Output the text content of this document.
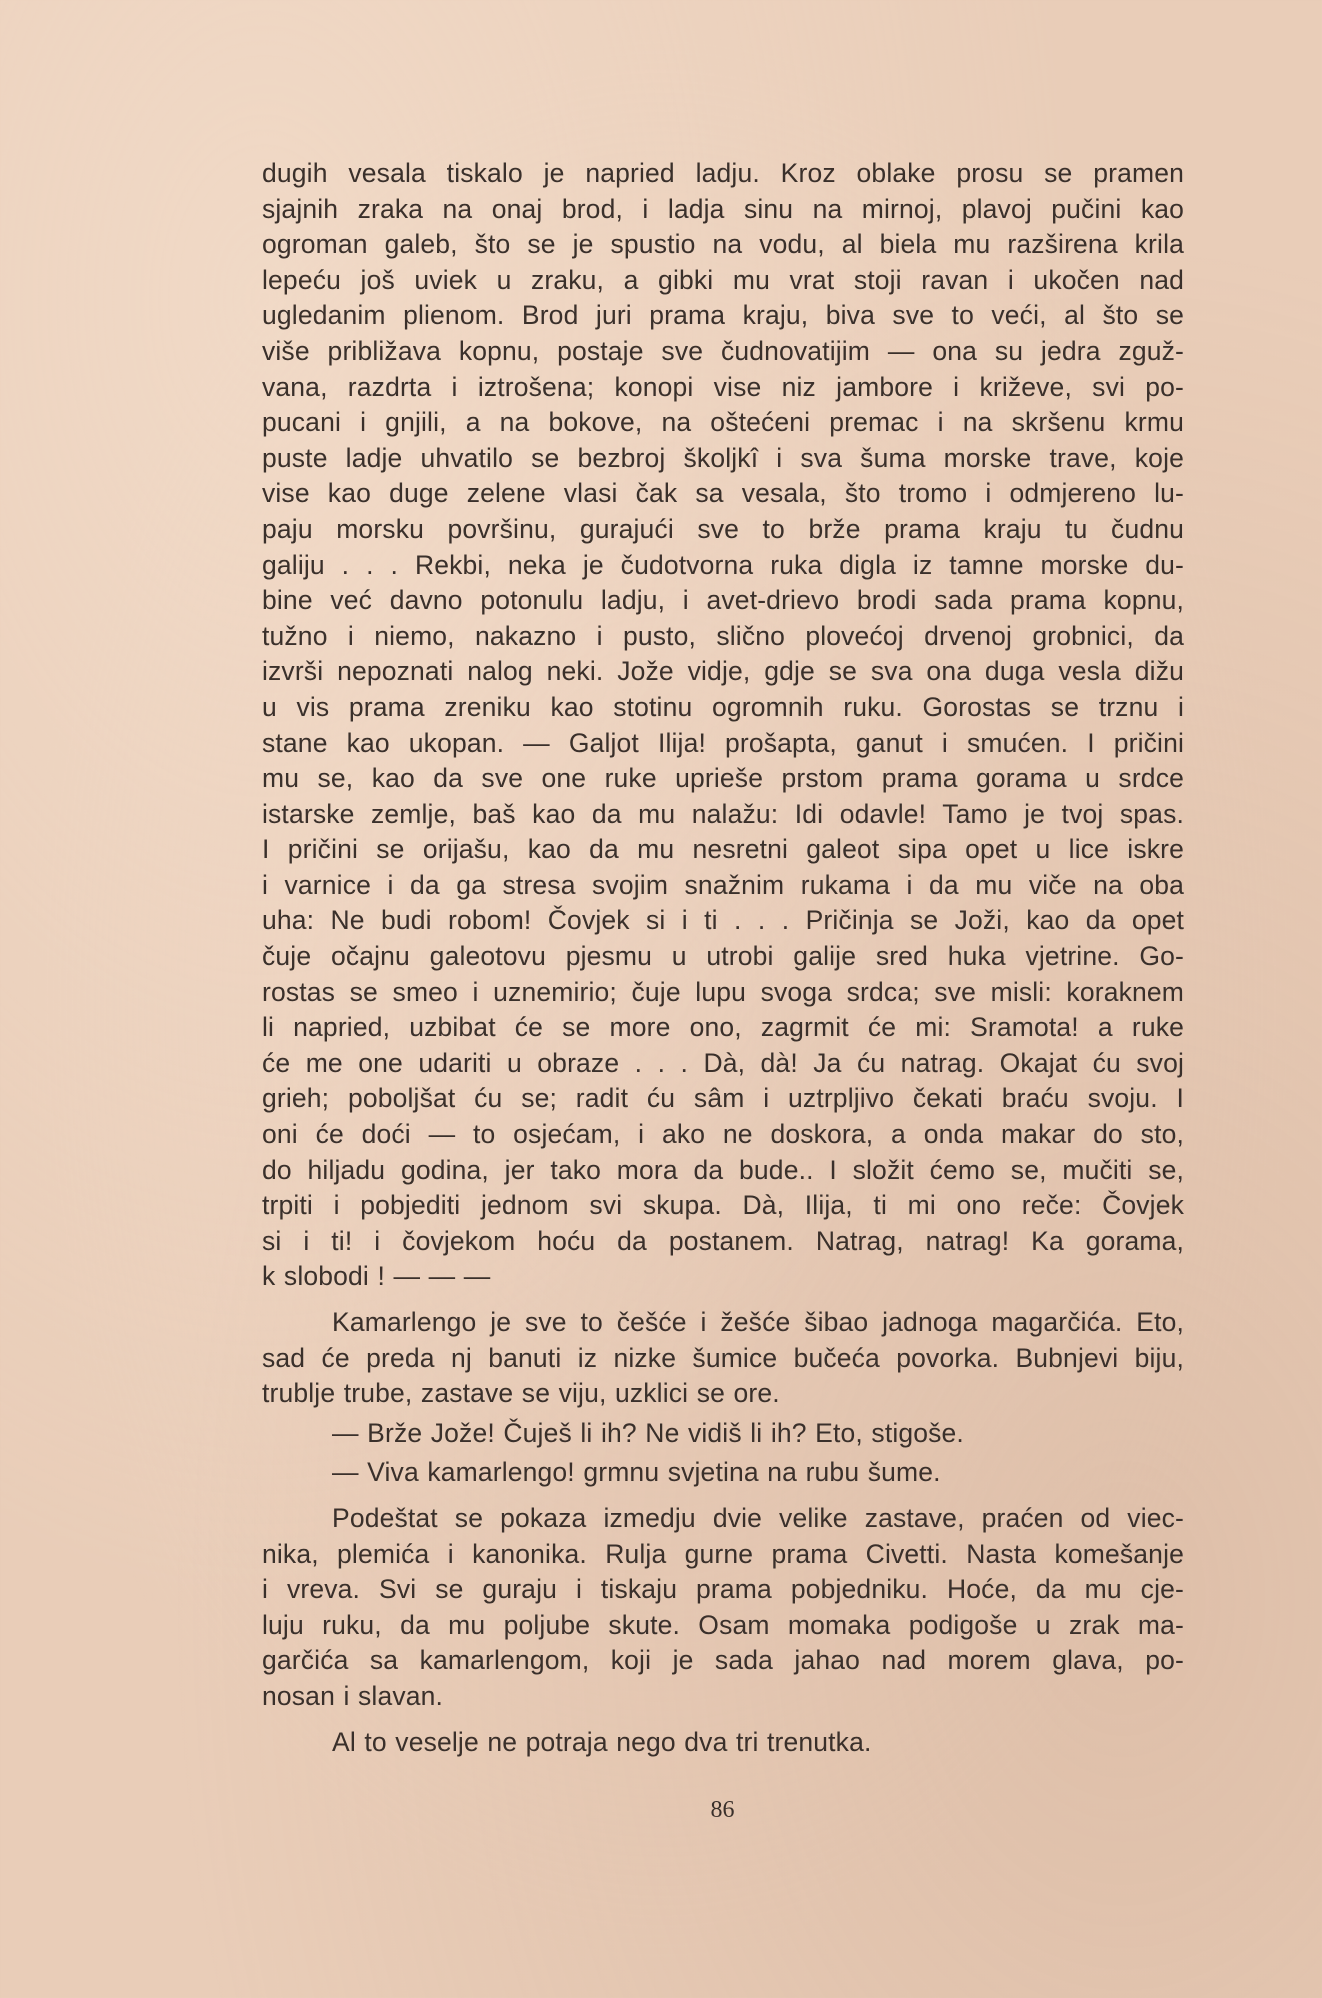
dugih vesala tiskalo je napried ladju. Kroz oblake prosu se pramen
sjajnih zraka na onaj brod, i ladja sinu na mirnoj, plavoj pučini kao
ogroman galeb, što se je spustio na vodu, al biela mu razširena krila
lepeću još uviek u zraku, a gibki mu vrat stoji ravan i ukočen nad
ugledanim plienom. Brod juri prama kraju, biva sve to veći, al što se
više približava kopnu, postaje sve čudnovatijim — ona su jedra zguž-
vana, razdrta i iztrošena; konopi vise niz jambore i križeve, svi po-
pucani i gnjili, a na bokove, na oštećeni premac i na skršenu krmu
puste ladje uhvatilo se bezbroj školjkî i sva šuma morske trave, koje
vise kao duge zelene vlasi čak sa vesala, što tromo i odmjereno lu-
paju morsku površinu, gurajući sve to brže prama kraju tu čudnu
galiju . . . Rekbi, neka je čudotvorna ruka digla iz tamne morske du-
bine već davno potonulu ladju, i avet-drievo brodi sada prama kopnu,
tužno i niemo, nakazno i pusto, slično plovećoj drvenoj grobnici, da
izvrši nepoznati nalog neki. Jože vidje, gdje se sva ona duga vesla dižu
u vis prama zreniku kao stotinu ogromnih ruku. Gorostas se trznu i
stane kao ukopan. — Galjot Ilija! prošapta, ganut i smućen. I pričini
mu se, kao da sve one ruke uprieše prstom prama gorama u srdce
istarske zemlje, baš kao da mu nalažu: Idi odavle! Tamo je tvoj spas.
I pričini se orijašu, kao da mu nesretni galeot sipa opet u lice iskre
i varnice i da ga stresa svojim snažnim rukama i da mu viče na oba
uha: Ne budi robom! Čovjek si i ti . . . Pričinja se Joži, kao da opet
čuje očajnu galeotovu pjesmu u utrobi galije sred huka vjetrine. Go-
rostas se smeo i uznemirio; čuje lupu svoga srdca; sve misli: koraknem
li napried, uzbibat će se more ono, zagrmit će mi: Sramota! a ruke
će me one udariti u obraze . . . Dà, dà! Ja ću natrag. Okajat ću svoj
grieh; poboljšat ću se; radit ću sâm i uztrpljivo čekati braću svoju. I
oni će doći — to osjećam, i ako ne doskora, a onda makar do sto,
do hiljadu godina, jer tako mora da bude.. I složit ćemo se, mučiti se,
trpiti i pobjediti jednom svi skupa. Dà, Ilija, ti mi ono reče: Čovjek
si i ti! i čovjekom hoću da postanem. Natrag, natrag! Ka gorama,
k slobodi ! — — —
Kamarlengo je sve to češće i žešće šibao jadnoga magarčića. Eto,
sad će preda nj banuti iz nizke šumice bučeća povorka. Bubnjevi biju,
trublje trube, zastave se viju, uzklici se ore.
— Brže Jože! Čuješ li ih? Ne vidiš li ih? Eto, stigoše.
— Viva kamarlengo! grmnu svjetina na rubu šume.
Podeštat se pokaza izmedju dvie velike zastave, praćen od viec-
nika, plemića i kanonika. Rulja gurne prama Civetti. Nasta komešanje
i vreva. Svi se guraju i tiskaju prama pobjedniku. Hoće, da mu cje-
luju ruku, da mu poljube skute. Osam momaka podigoše u zrak ma-
garčića sa kamarlengom, koji je sada jahao nad morem glava, po-
nosan i slavan.
Al to veselje ne potraja nego dva tri trenutka.
86
